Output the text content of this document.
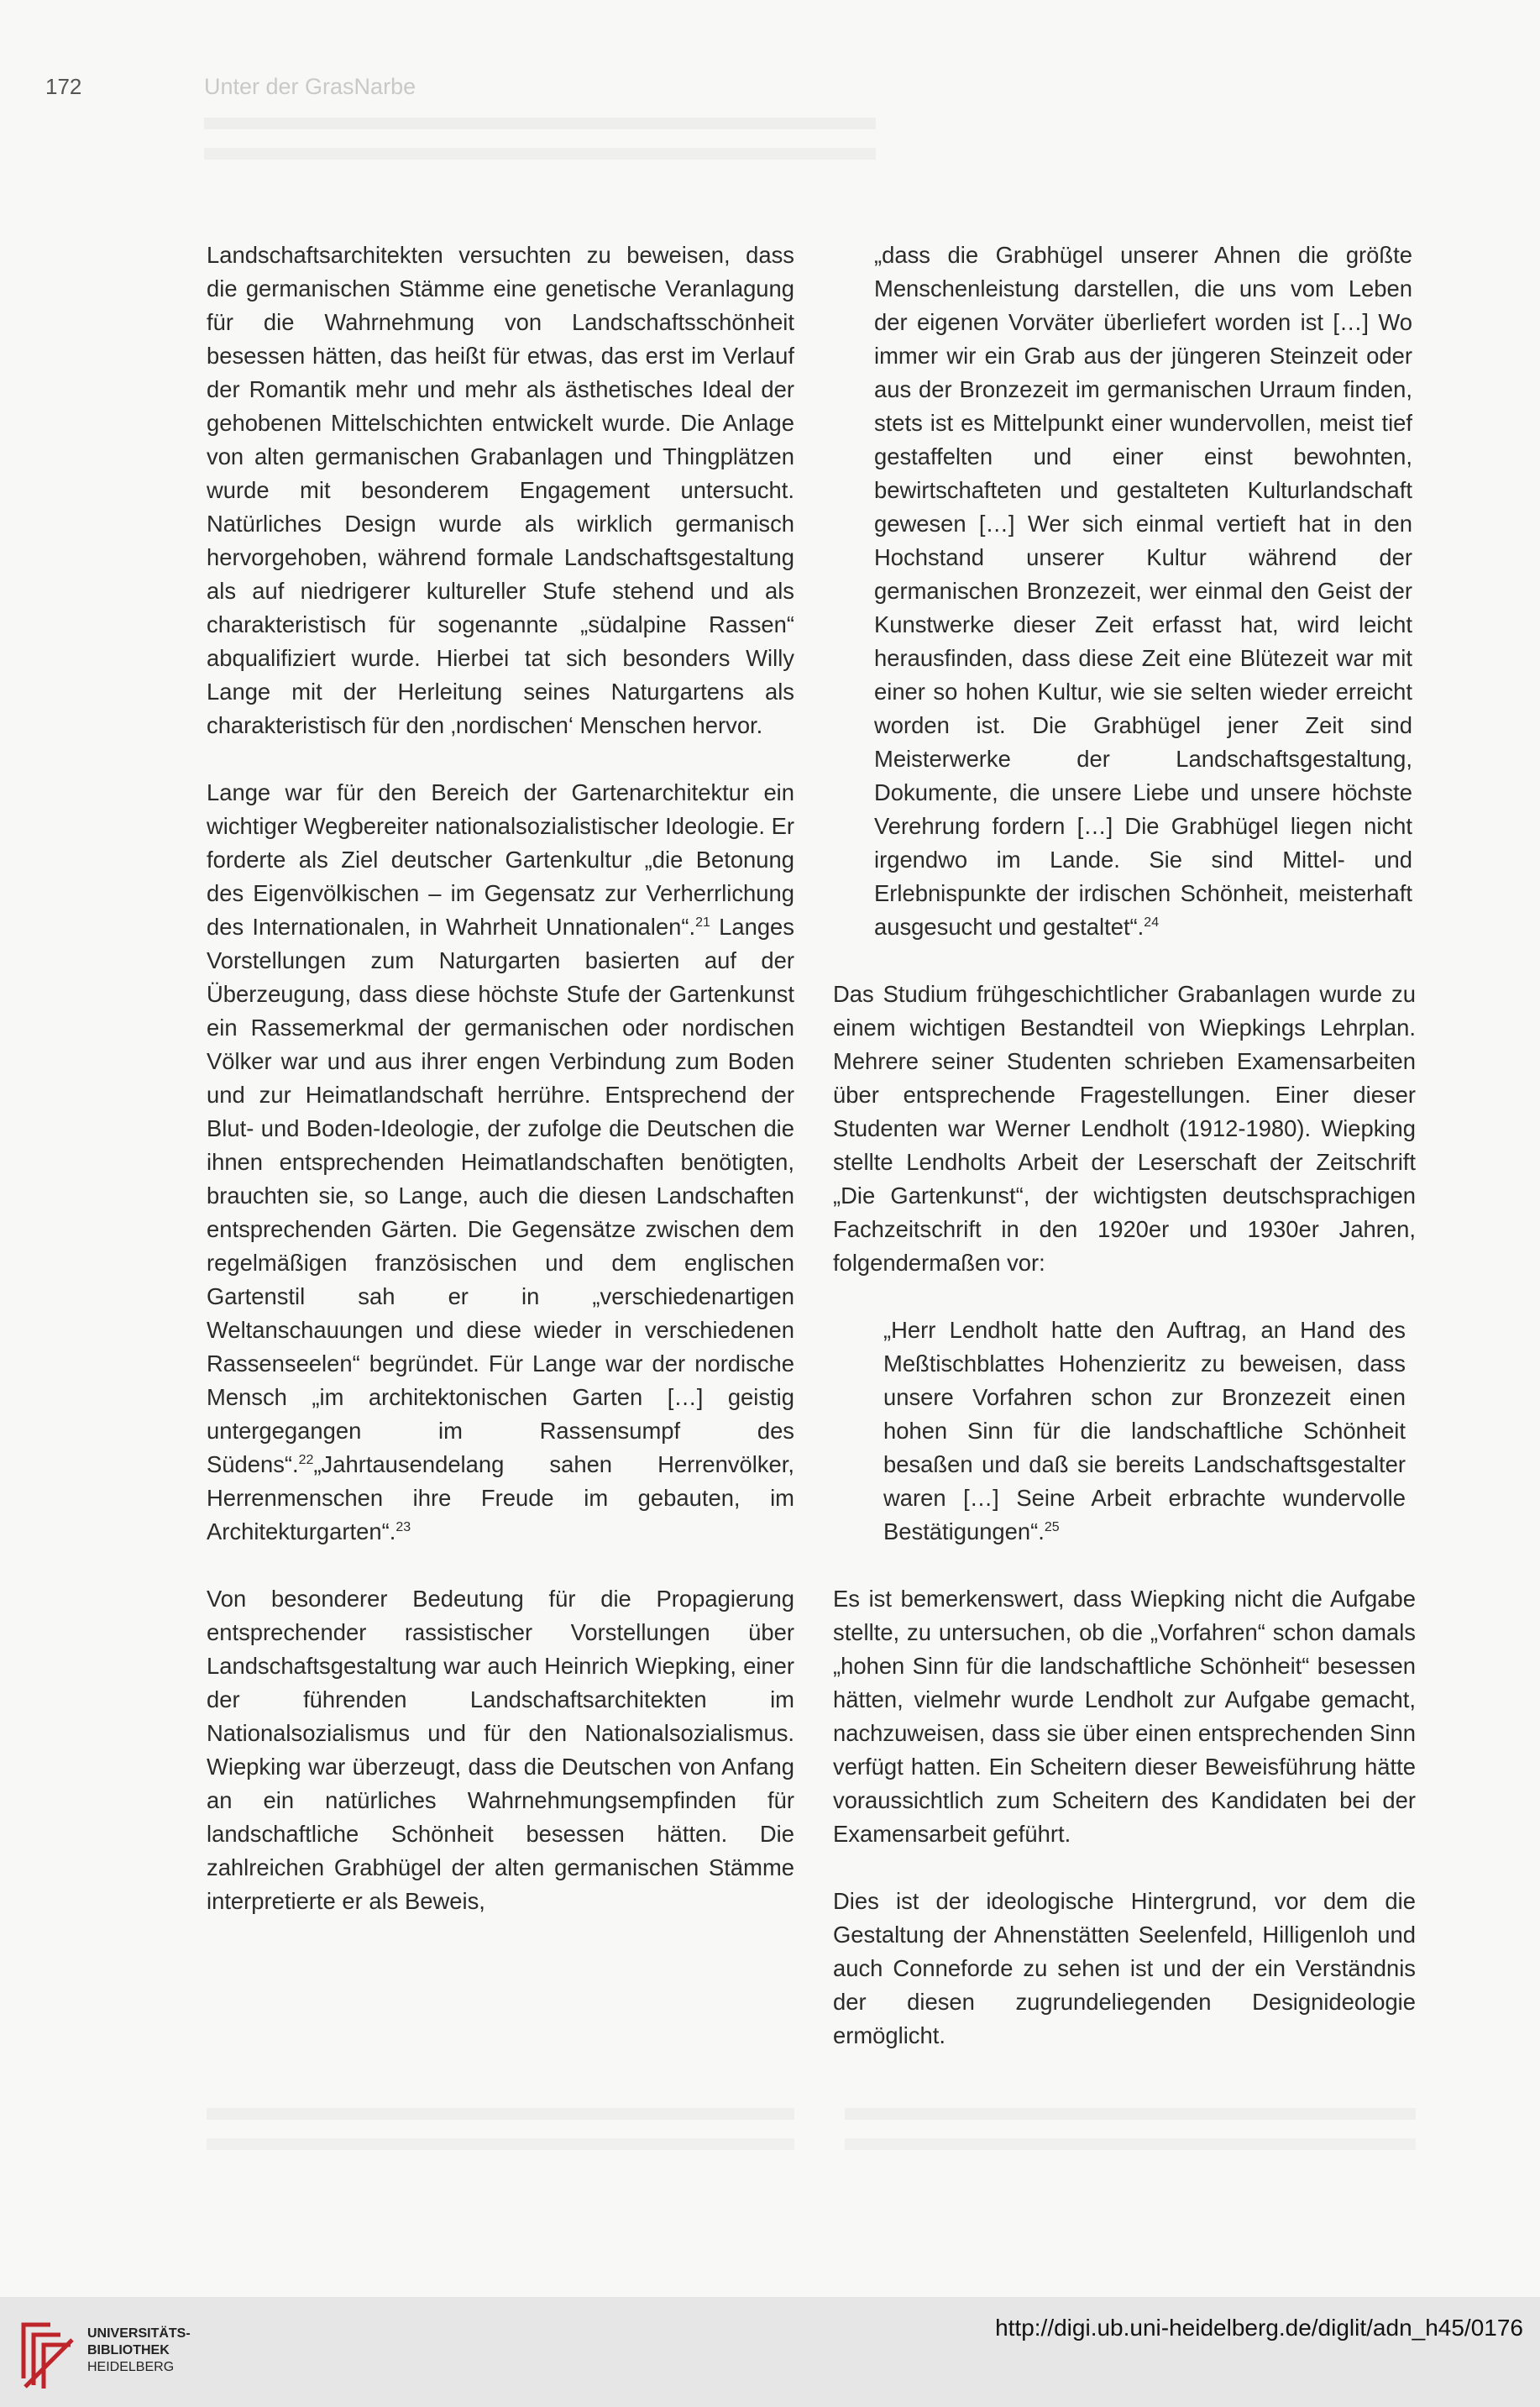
172	Unter der GrasNarbe

Landschaftsarchitekten versuchten zu beweisen, dass die germanischen Stämme eine genetische Veranlagung für die Wahrnehmung von Landschaftsschönheit besessen hätten, das heißt für etwas, das erst im Verlauf der Romantik mehr und mehr als ästhetisches Ideal der gehobenen Mittelschichten entwickelt wurde. Die Anlage von alten germanischen Grabanlagen und Thingplätzen wurde mit besonderem Engagement untersucht. Natürliches Design wurde als wirklich germanisch hervorgehoben, während formale Landschaftsgestaltung als auf niedrigerer kultureller Stufe stehend und als charakteristisch für sogenannte „südalpine Rassen“ abqualifiziert wurde. Hierbei tat sich besonders Willy Lange mit der Herleitung seines Naturgartens als charakteristisch für den ‚nordischen‘ Menschen hervor.

Lange war für den Bereich der Gartenarchitektur ein wichtiger Wegbereiter nationalsozialistischer Ideologie. Er forderte als Ziel deutscher Gartenkultur „die Betonung des Eigenvölkischen – im Gegensatz zur Verherrlichung des Internationalen, in Wahrheit Unnationalen“.$^{21}$ Langes Vorstellungen zum Naturgarten basierten auf der Überzeugung, dass diese höchste Stufe der Gartenkunst ein Rassemerkmal der germanischen oder nordischen Völker war und aus ihrer engen Verbindung zum Boden und zur Heimatlandschaft herrühre. Entsprechend der Blut- und Boden-Ideologie, der zufolge die Deutschen die ihnen entsprechenden Heimatlandschaften benötigten, brauchten sie, so Lange, auch die diesen Landschaften entsprechenden Gärten. Die Gegensätze zwischen dem regelmäßigen französischen und dem englischen Gartenstil sah er in „verschiedenartigen Weltanschauungen und diese wieder in verschiedenen Rassenseelen“ begründet. Für Lange war der nordische Mensch „im architektonischen Garten […] geistig untergegangen im Rassensumpf des Südens“.$^{22}$„Jahrtausendelang sahen Herrenvölker, Herrenmenschen ihre Freude im gebauten, im Architekturgarten“.$^{23}$

Von besonderer Bedeutung für die Propagierung entsprechender rassistischer Vorstellungen über Landschaftsgestaltung war auch Heinrich Wiepking, einer der führenden Landschaftsarchitekten im Nationalsozialismus und für den Nationalsozialismus. Wiepking war überzeugt, dass die Deutschen von Anfang an ein natürliches Wahrnehmungsempfinden für landschaftliche Schönheit besessen hätten. Die zahlreichen Grabhügel der alten germanischen Stämme interpretierte er als Beweis,

„dass die Grabhügel unserer Ahnen die größte Menschenleistung darstellen, die uns vom Leben der eigenen Vorväter überliefert worden ist […] Wo immer wir ein Grab aus der jüngeren Steinzeit oder aus der Bronzezeit im germanischen Urraum finden, stets ist es Mittelpunkt einer wundervollen, meist tief gestaffelten und einer einst bewohnten, bewirtschafteten und gestalteten Kulturlandschaft gewesen […] Wer sich einmal vertieft hat in den Hochstand unserer Kultur während der germanischen Bronzezeit, wer einmal den Geist der Kunstwerke dieser Zeit erfasst hat, wird leicht herausfinden, dass diese Zeit eine Blütezeit war mit einer so hohen Kultur, wie sie selten wieder erreicht worden ist. Die Grabhügel jener Zeit sind Meisterwerke der Landschaftsgestaltung, Dokumente, die unsere Liebe und unsere höchste Verehrung fordern […] Die Grabhügel liegen nicht irgendwo im Lande. Sie sind Mittel- und Erlebnispunkte der irdischen Schönheit, meisterhaft ausgesucht und gestaltet“.$^{24}$

Das Studium frühgeschichtlicher Grabanlagen wurde zu einem wichtigen Bestandteil von Wiepkings Lehrplan. Mehrere seiner Studenten schrieben Examensarbeiten über entsprechende Fragestellungen. Einer dieser Studenten war Werner Lendholt (1912-1980). Wiepking stellte Lendholts Arbeit der Leserschaft der Zeitschrift „Die Gartenkunst“, der wichtigsten deutschsprachigen Fachzeitschrift in den 1920er und 1930er Jahren, folgendermaßen vor:

„Herr Lendholt hatte den Auftrag, an Hand des Meßtischblattes Hohenzieritz zu beweisen, dass unsere Vorfahren schon zur Bronzezeit einen hohen Sinn für die landschaftliche Schönheit besaßen und daß sie bereits Landschaftsgestalter waren […] Seine Arbeit erbrachte wundervolle Bestätigungen“.$^{25}$

Es ist bemerkenswert, dass Wiepking nicht die Aufgabe stellte, zu untersuchen, ob die „Vorfahren“ schon damals „hohen Sinn für die landschaftliche Schönheit“ besessen hätten, vielmehr wurde Lendholt zur Aufgabe gemacht, nachzuweisen, dass sie über einen entsprechenden Sinn verfügt hatten. Ein Scheitern dieser Beweisführung hätte voraussichtlich zum Scheitern des Kandidaten bei der Examensarbeit geführt.

Dies ist der ideologische Hintergrund, vor dem die Gestaltung der Ahnenstätten Seelenfeld, Hilligenloh und auch Conneforde zu sehen ist und der ein Verständnis der diesen zugrundeliegenden Designideologie ermöglicht.

UNIVERSITÄTS-
BIBLIOTHEK
HEIDELBERG
http://digi.ub.uni-heidelberg.de/diglit/adn_h45/0176
